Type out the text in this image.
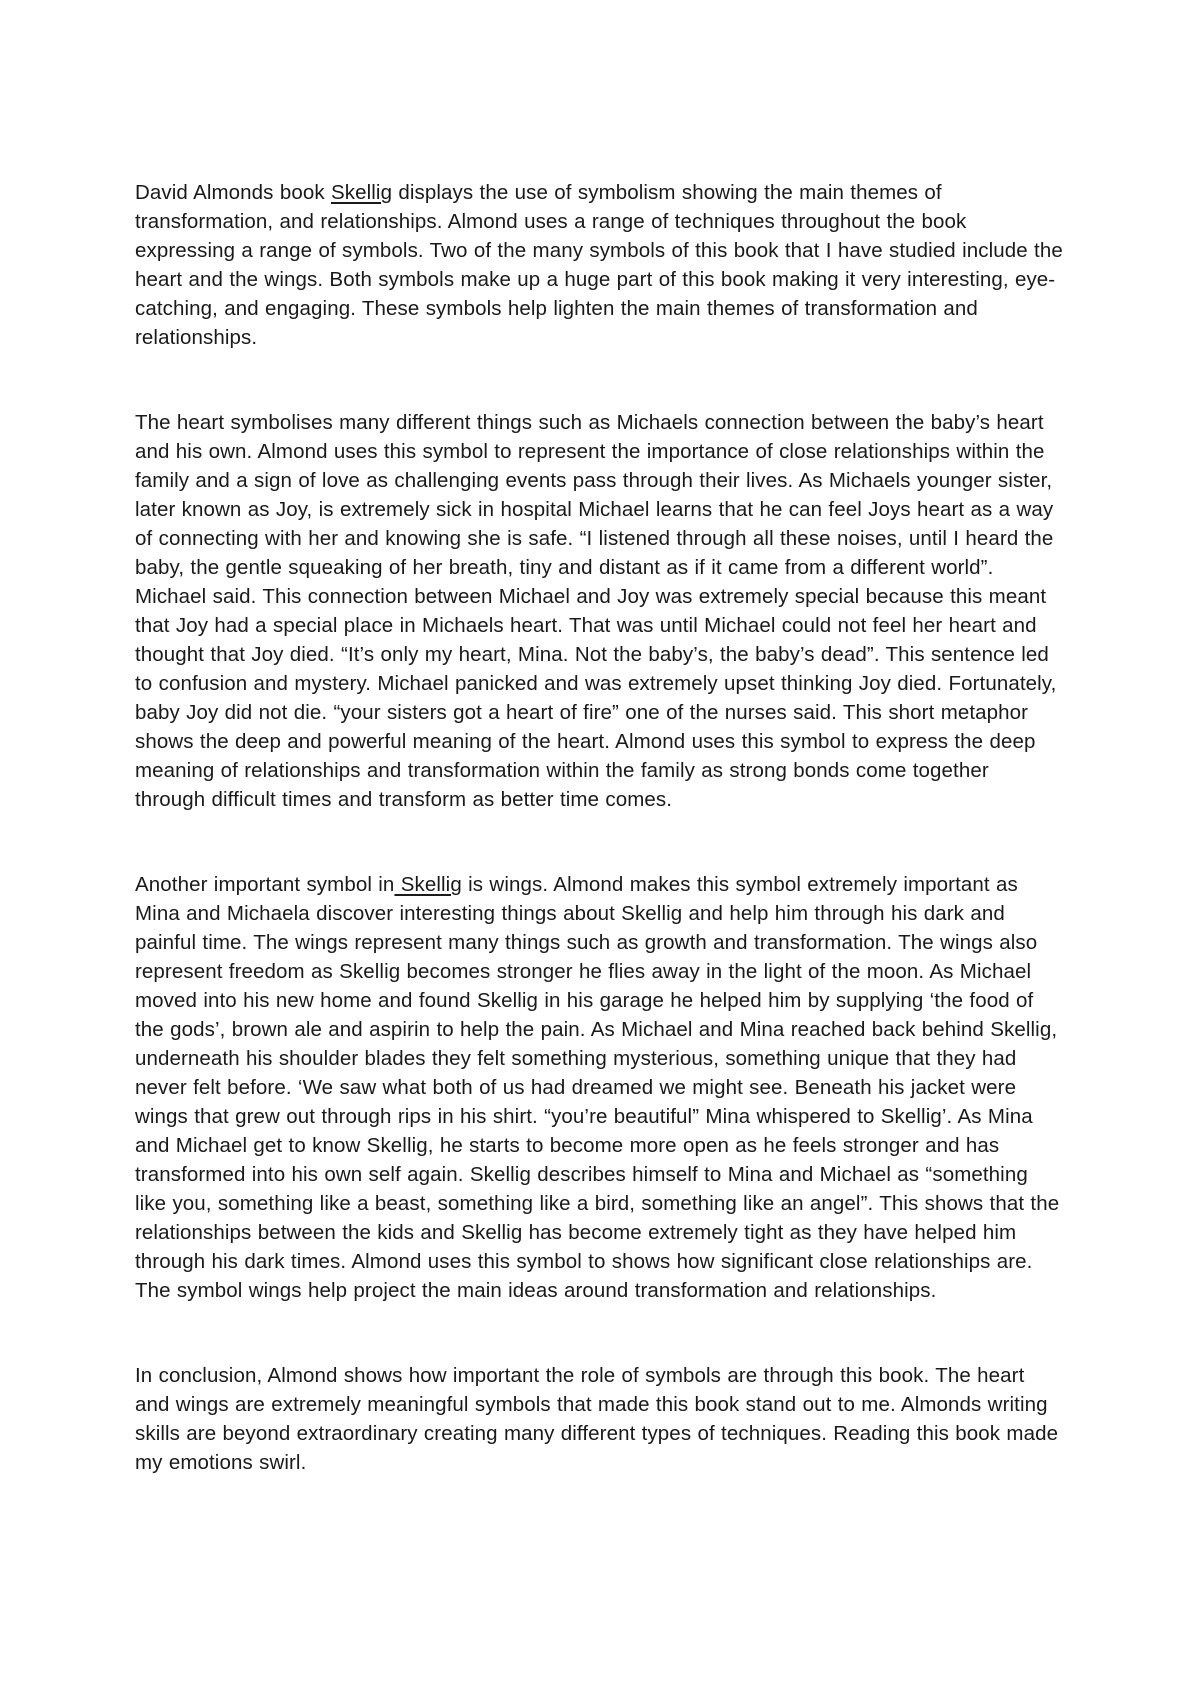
David Almonds book Skellig displays the use of symbolism showing the main themes of transformation, and relationships. Almond uses a range of techniques throughout the book expressing a range of symbols. Two of the many symbols of this book that I have studied include the heart and the wings. Both symbols make up a huge part of this book making it very interesting, eye-catching, and engaging. These symbols help lighten the main themes of transformation and relationships.

The heart symbolises many different things such as Michaels connection between the baby’s heart and his own. Almond uses this symbol to represent the importance of close relationships within the family and a sign of love as challenging events pass through their lives. As Michaels younger sister, later known as Joy, is extremely sick in hospital Michael learns that he can feel Joys heart as a way of connecting with her and knowing she is safe. “I listened through all these noises, until I heard the baby, the gentle squeaking of her breath, tiny and distant as if it came from a different world”. Michael said. This connection between Michael and Joy was extremely special because this meant that Joy had a special place in Michaels heart. That was until Michael could not feel her heart and thought that Joy died. “It’s only my heart, Mina. Not the baby’s, the baby’s dead”. This sentence led to confusion and mystery. Michael panicked and was extremely upset thinking Joy died. Fortunately, baby Joy did not die. “your sisters got a heart of fire” one of the nurses said. This short metaphor shows the deep and powerful meaning of the heart. Almond uses this symbol to express the deep meaning of relationships and transformation within the family as strong bonds come together through difficult times and transform as better time comes.

Another important symbol in Skellig is wings. Almond makes this symbol extremely important as Mina and Michaela discover interesting things about Skellig and help him through his dark and painful time. The wings represent many things such as growth and transformation. The wings also represent freedom as Skellig becomes stronger he flies away in the light of the moon. As Michael moved into his new home and found Skellig in his garage he helped him by supplying ‘the food of the gods’, brown ale and aspirin to help the pain. As Michael and Mina reached back behind Skellig, underneath his shoulder blades they felt something mysterious, something unique that they had never felt before. ‘We saw what both of us had dreamed we might see. Beneath his jacket were wings that grew out through rips in his shirt. “you’re beautiful” Mina whispered to Skellig’. As Mina and Michael get to know Skellig, he starts to become more open as he feels stronger and has transformed into his own self again. Skellig describes himself to Mina and Michael as “something like you, something like a beast, something like a bird, something like an angel”. This shows that the relationships between the kids and Skellig has become extremely tight as they have helped him through his dark times. Almond uses this symbol to shows how significant close relationships are. The symbol wings help project the main ideas around transformation and relationships.

In conclusion, Almond shows how important the role of symbols are through this book. The heart and wings are extremely meaningful symbols that made this book stand out to me. Almonds writing skills are beyond extraordinary creating many different types of techniques. Reading this book made my emotions swirl.
